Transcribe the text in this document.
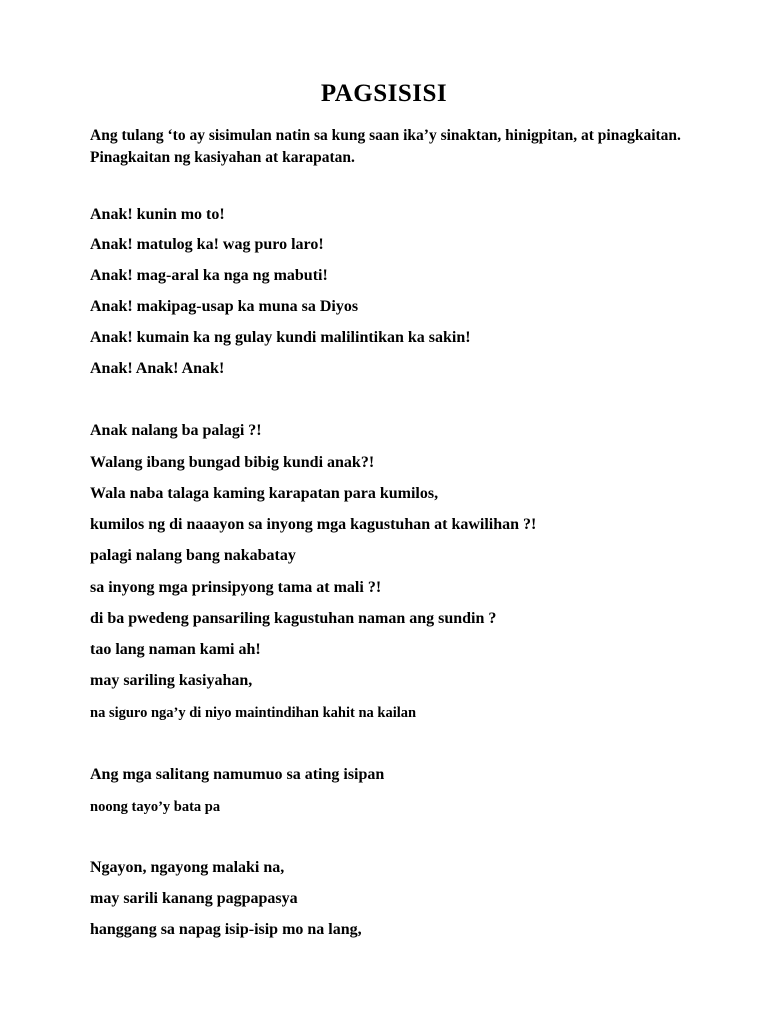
PAGSISISI
Ang tulang ‘to ay sisimulan natin sa kung saan ika’y sinaktan, hinigpitan, at pinagkaitan. Pinagkaitan ng kasiyahan at karapatan.
Anak! kunin mo to!
Anak! matulog ka! wag puro laro!
Anak! mag-aral ka nga ng mabuti!
Anak! makipag-usap ka muna sa Diyos
Anak! kumain ka ng gulay kundi malilintikan ka sakin!
Anak! Anak! Anak!
Anak nalang ba palagi ?!
Walang ibang bungad bibig kundi anak?!
Wala naba talaga kaming karapatan para kumilos,
kumilos ng di naaayon sa inyong mga kagustuhan at kawilihan ?!
palagi nalang bang nakabatay
sa inyong mga prinsipyong tama at mali ?!
di ba pwedeng pansariling kagustuhan naman ang sundin ?
tao lang naman kami ah!
may sariling kasiyahan,
na siguro nga’y di niyo maintindihan kahit na kailan
Ang mga salitang namumuo sa ating isipan
noong tayo’y bata pa
Ngayon, ngayong malaki na,
may sarili kanang pagpapasya
hanggang sa napag isip-isip mo na lang,
